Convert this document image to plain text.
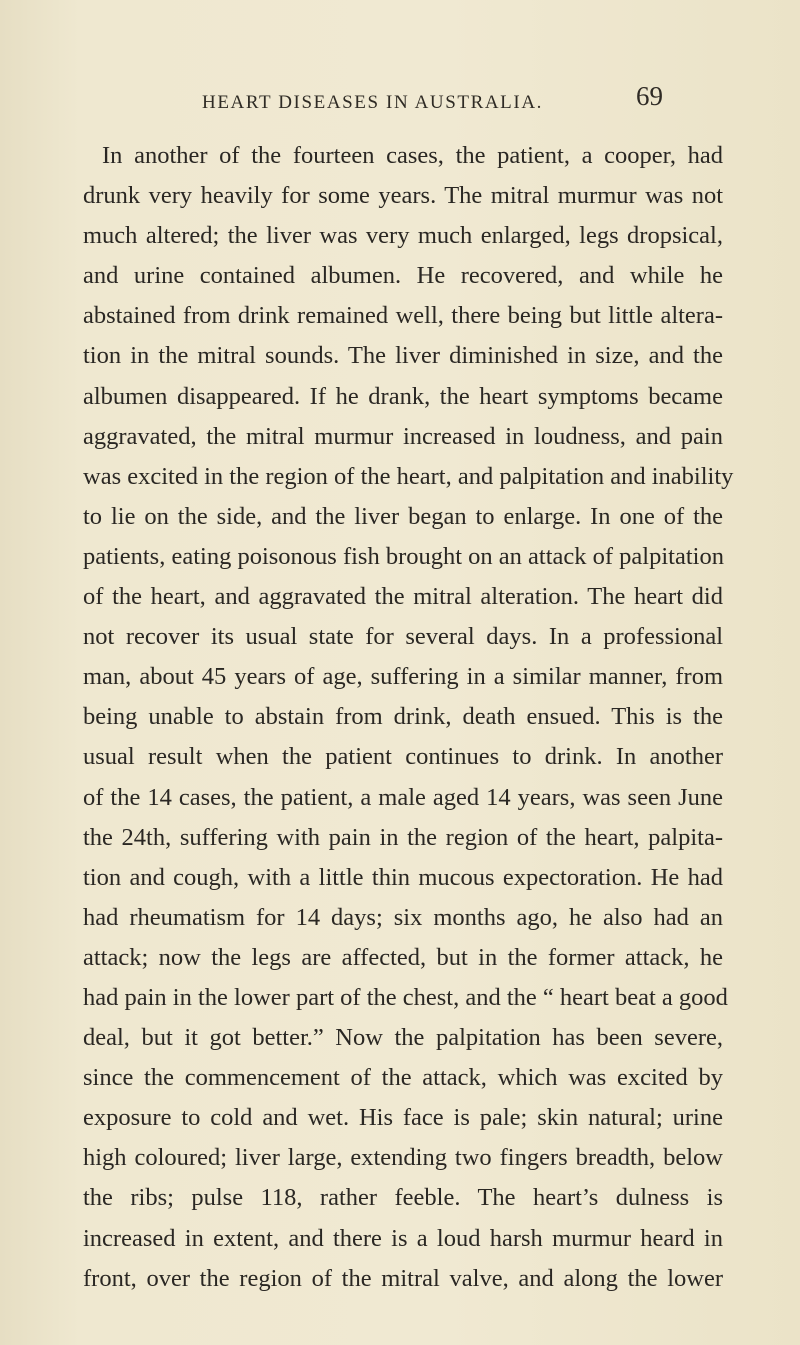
HEART DISEASES IN AUSTRALIA.	69
In another of the fourteen cases, the patient, a cooper, had
drunk very heavily for some years. The mitral murmur was not
much altered; the liver was very much enlarged, legs dropsical,
and urine contained albumen. He recovered, and while he
abstained from drink remained well, there being but little altera-
tion in the mitral sounds. The liver diminished in size, and the
albumen disappeared. If he drank, the heart symptoms became
aggravated, the mitral murmur increased in loudness, and pain
was excited in the region of the heart, and palpitation and inability
to lie on the side, and the liver began to enlarge. In one of the
patients, eating poisonous fish brought on an attack of palpitation
of the heart, and aggravated the mitral alteration. The heart did
not recover its usual state for several days. In a professional
man, about 45 years of age, suffering in a similar manner, from
being unable to abstain from drink, death ensued. This is the
usual result when the patient continues to drink. In another
of the 14 cases, the patient, a male aged 14 years, was seen June
the 24th, suffering with pain in the region of the heart, palpita-
tion and cough, with a little thin mucous expectoration. He had
had rheumatism for 14 days; six months ago, he also had an
attack; now the legs are affected, but in the former attack, he
had pain in the lower part of the chest, and the “ heart beat a good
deal, but it got better.” Now the palpitation has been severe,
since the commencement of the attack, which was excited by
exposure to cold and wet. His face is pale; skin natural; urine
high coloured; liver large, extending two fingers breadth, below
the ribs; pulse 118, rather feeble. The heart’s dulness is
increased in extent, and there is a loud harsh murmur heard in
front, over the region of the mitral valve, and along the lower
